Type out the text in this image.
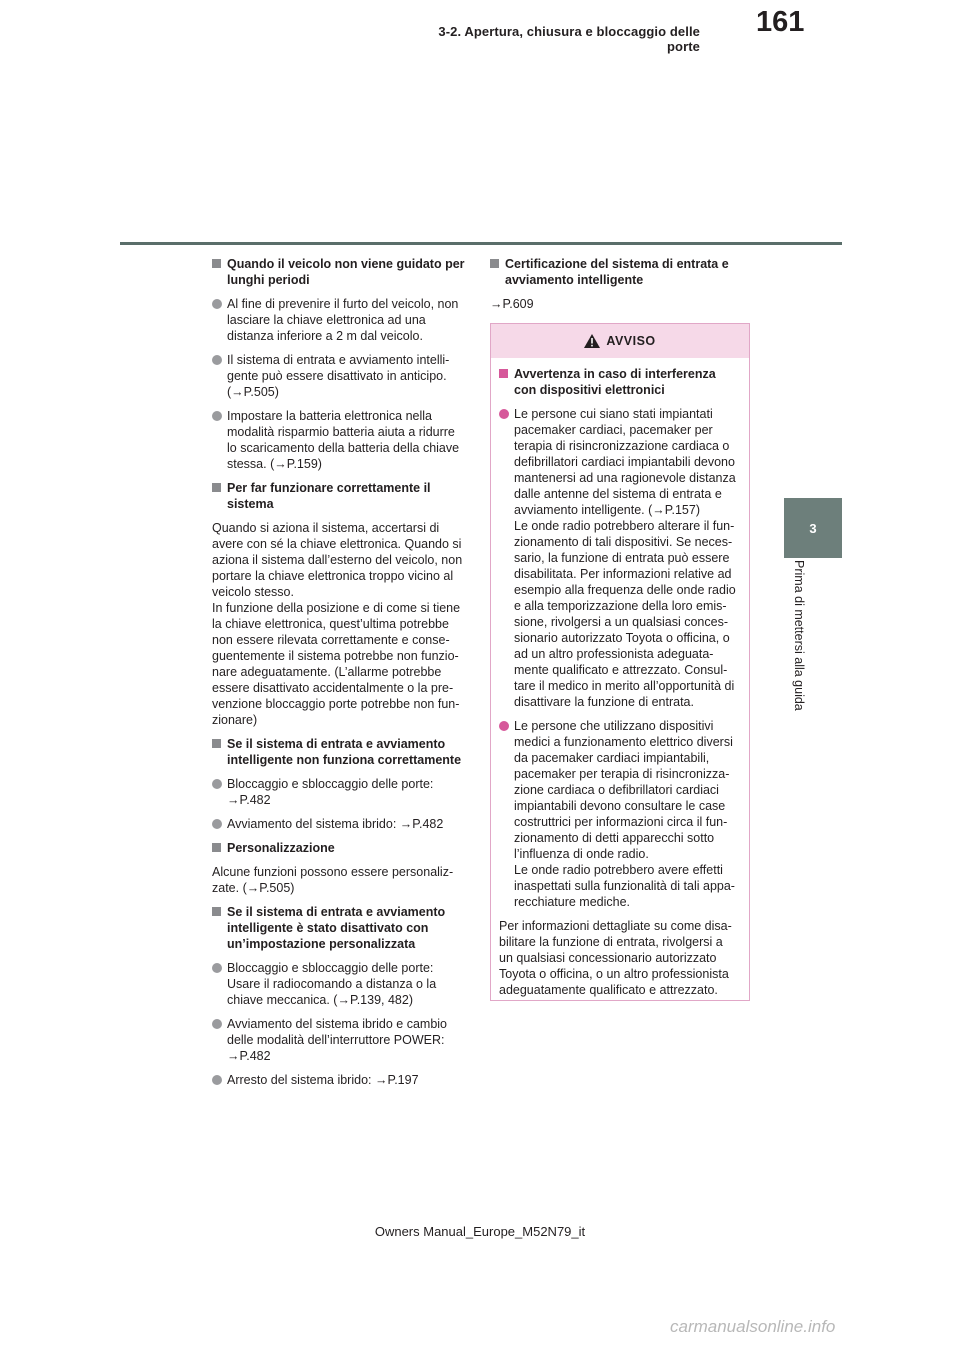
3-2. Apertura, chiusura e bloccaggio delle porte
161
3
Prima di mettersi alla guida
Quando il veicolo non viene guidato per
lunghi periodi
Al fine di prevenire il furto del veicolo, non
lasciare la chiave elettronica ad una
distanza inferiore a 2 m dal veicolo.
Il sistema di entrata e avviamento intelli-
gente può essere disattivato in anticipo.
(→P.505)
Impostare la batteria elettronica nella
modalità risparmio batteria aiuta a ridurre
lo scaricamento della batteria della chiave
stessa. (→P.159)
Per far funzionare correttamente il
sistema
Quando si aziona il sistema, accertarsi di
avere con sé la chiave elettronica. Quando si
aziona il sistema dall’esterno del veicolo, non
portare la chiave elettronica troppo vicino al
veicolo stesso.
In funzione della posizione e di come si tiene
la chiave elettronica, quest’ultima potrebbe
non essere rilevata correttamente e conse-
guentemente il sistema potrebbe non funzio-
nare adeguatamente. (L’allarme potrebbe
essere disattivato accidentalmente o la pre-
venzione bloccaggio porte potrebbe non fun-
zionare)
Se il sistema di entrata e avviamento
intelligente non funziona correttamente
Bloccaggio e sbloccaggio delle porte:
→P.482
Avviamento del sistema ibrido: →P.482
Personalizzazione
Alcune funzioni possono essere personaliz-
zate. (→P.505)
Se il sistema di entrata e avviamento
intelligente è stato disattivato con
un’impostazione personalizzata
Bloccaggio e sbloccaggio delle porte:
Usare il radiocomando a distanza o la
chiave meccanica. (→P.139, 482)
Avviamento del sistema ibrido e cambio
delle modalità dell’interruttore POWER:
→P.482
Arresto del sistema ibrido: →P.197
Certificazione del sistema di entrata e
avviamento intelligente
→P.609
AVVISO
Avvertenza in caso di interferenza
con dispositivi elettronici
Le persone cui siano stati impiantati
pacemaker cardiaci, pacemaker per
terapia di risincronizzazione cardiaca o
defibrillatori cardiaci impiantabili devono
mantenersi ad una ragionevole distanza
dalle antenne del sistema di entrata e
avviamento intelligente. (→P.157)
Le onde radio potrebbero alterare il fun-
zionamento di tali dispositivi. Se neces-
sario, la funzione di entrata può essere
disabilitata. Per informazioni relative ad
esempio alla frequenza delle onde radio
e alla temporizzazione della loro emis-
sione, rivolgersi a un qualsiasi conces-
sionario autorizzato Toyota o officina, o
ad un altro professionista adeguata-
mente qualificato e attrezzato. Consul-
tare il medico in merito all’opportunità di
disattivare la funzione di entrata.
Le persone che utilizzano dispositivi
medici a funzionamento elettrico diversi
da pacemaker cardiaci impiantabili,
pacemaker per terapia di risincronizza-
zione cardiaca o defibrillatori cardiaci
impiantabili devono consultare le case
costruttrici per informazioni circa il fun-
zionamento di detti apparecchi sotto
l’influenza di onde radio.
Le onde radio potrebbero avere effetti
inaspettati sulla funzionalità di tali appa-
recchiature mediche.
Per informazioni dettagliate su come disa-
bilitare la funzione di entrata, rivolgersi a
un qualsiasi concessionario autorizzato
Toyota o officina, o un altro professionista
adeguatamente qualificato e attrezzato.
Owners Manual_Europe_M52N79_it
carmanualsonline.info
